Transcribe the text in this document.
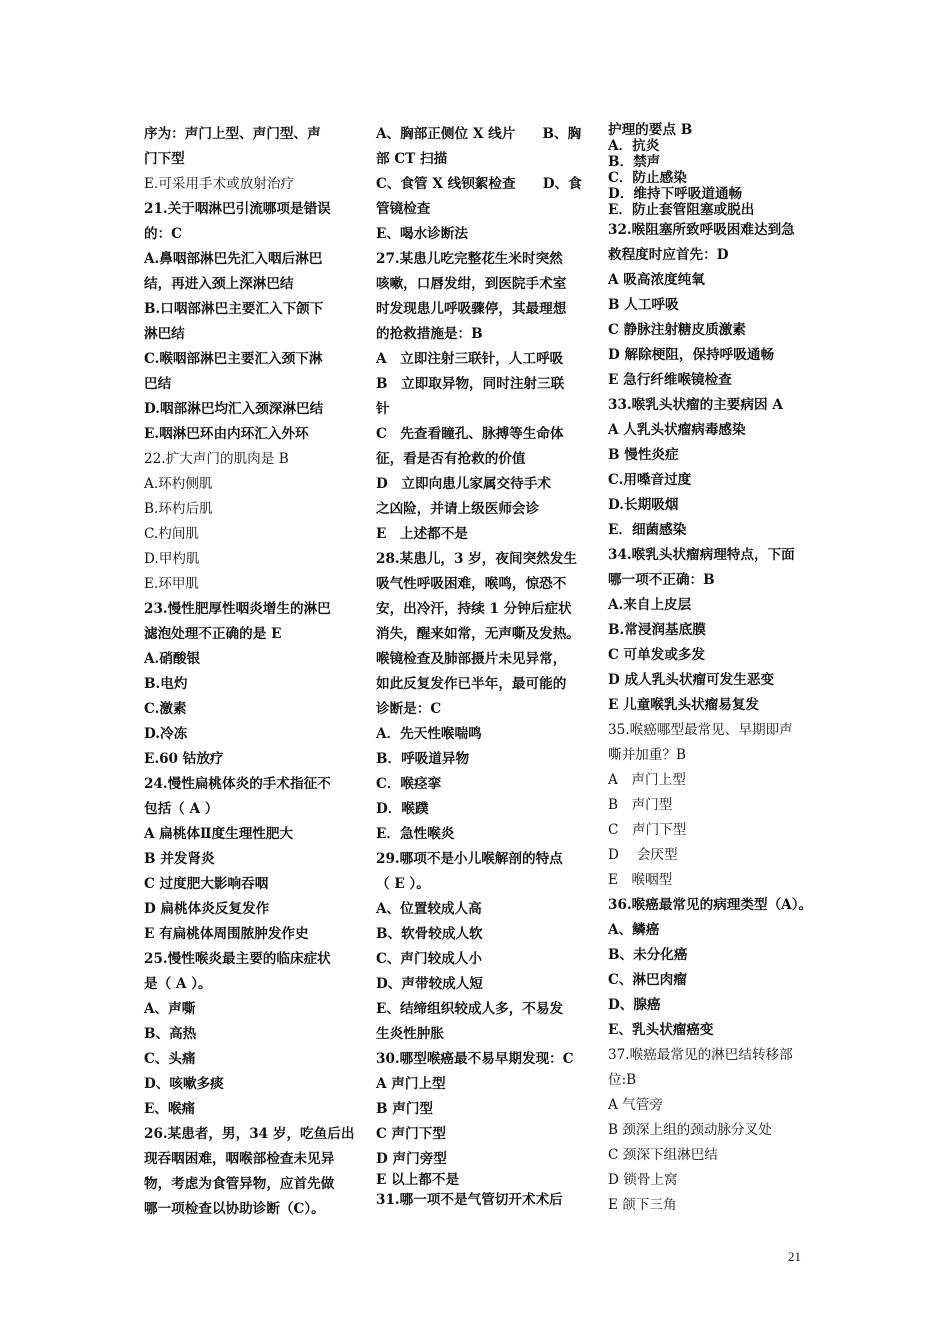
序为：声门上型、声门型、声
门下型
E.可采用手术或放射治疗
21.关于咽淋巴引流哪项是错误
的：C
A.鼻咽部淋巴先汇入咽后淋巴
结，再进入颈上深淋巴结
B.口咽部淋巴主要汇入下颌下
淋巴结
C.喉咽部淋巴主要汇入颈下淋
巴结
D.咽部淋巴均汇入颈深淋巴结
E.咽淋巴环由内环汇入外环
22.扩大声门的肌肉是 B
A.环杓侧肌
B.环杓后肌
C.杓间肌
D.甲杓肌
E.环甲肌
23.慢性肥厚性咽炎增生的淋巴
滤泡处理不正确的是 E
A.硝酸银
B.电灼
C.激素
D.冷冻
E.60 钴放疗
24.慢性扁桃体炎的手术指征不
包括（ A ）
A 扁桃体Ⅱ度生理性肥大
B 并发肾炎
C 过度肥大影响吞咽
D 扁桃体炎反复发作
E 有扁桃体周围脓肿发作史
25.慢性喉炎最主要的临床症状
是（ A ）。
A、声嘶
B、高热
C、头痛
D、咳嗽多痰
E、喉痛
26.某患者，男，34 岁，吃鱼后出
现吞咽困难，咽喉部检查未见异
物，考虑为食管异物，应首先做
哪一项检查以协助诊断（C）。
A、胸部正侧位 X 线片　　B、胸
部 CT 扫描
C、食管 X 线钡絮检查　　D、食
管镜检查
E、喝水诊断法
27.某患儿吃完整花生米时突然
咳嗽，口唇发绀，到医院手术室
时发现患儿呼吸骤停，其最理想
的抢救措施是：B
A　立即注射三联针，人工呼吸
B　立即取异物，同时注射三联
针
C　先查看瞳孔、脉搏等生命体
征，看是否有抢救的价值
D　立即向患儿家属交待手术
之凶险，并请上级医师会诊
E　上述都不是
28.某患儿，3 岁，夜间突然发生
吸气性呼吸困难，喉鸣，惊恐不
安，出冷汗，持续 1 分钟后症状
消失，醒来如常，无声嘶及发热。
喉镜检查及肺部摄片未见异常，
如此反复发作已半年，最可能的
诊断是：C
A．先天性喉喘鸣
B．呼吸道异物
C．喉痉挛
D．喉蹼
E．急性喉炎
29.哪项不是小儿喉解剖的特点
（ E ）。
A、位置较成人高
B、软骨较成人软
C、声门较成人小
D、声带较成人短
E、结缔组织较成人多，不易发
生炎性肿胀
30.哪型喉癌最不易早期发现：C
A 声门上型
B 声门型
C 声门下型
D 声门旁型
E 以上都不是
31.哪一项不是气管切开术术后
护理的要点 B
A．抗炎
B．禁声
C．防止感染
D．维持下呼吸道通畅
E．防止套管阻塞或脱出
32.喉阻塞所致呼吸困难达到急
救程度时应首先：D
A 吸高浓度纯氧
B 人工呼吸
C 静脉注射糖皮质激素
D 解除梗阻，保持呼吸通畅
E 急行纤维喉镜检查
33.喉乳头状瘤的主要病因 A
A 人乳头状瘤病毒感染
B 慢性炎症
C.用嗓音过度
D.长期吸烟
E．细菌感染
34.喉乳头状瘤病理特点，下面
哪一项不正确：B
A.来自上皮层
B.常浸润基底膜
C 可单发或多发
D 成人乳头状瘤可发生恶变
E 儿童喉乳头状瘤易复发
35.喉癌哪型最常见、早期即声
嘶并加重？B
A　声门上型
B　声门型
C　声门下型
D　 会厌型
E　喉咽型
36.喉癌最常见的病理类型（A）。
A、鳞癌
B、未分化癌
C、淋巴肉瘤
D、腺癌
E、乳头状瘤癌变
37.喉癌最常见的淋巴结转移部
位:B
A 气管旁
B 颈深上组的颈动脉分叉处
C 颈深下组淋巴结
D 锁骨上窝
E 颌下三角
21
